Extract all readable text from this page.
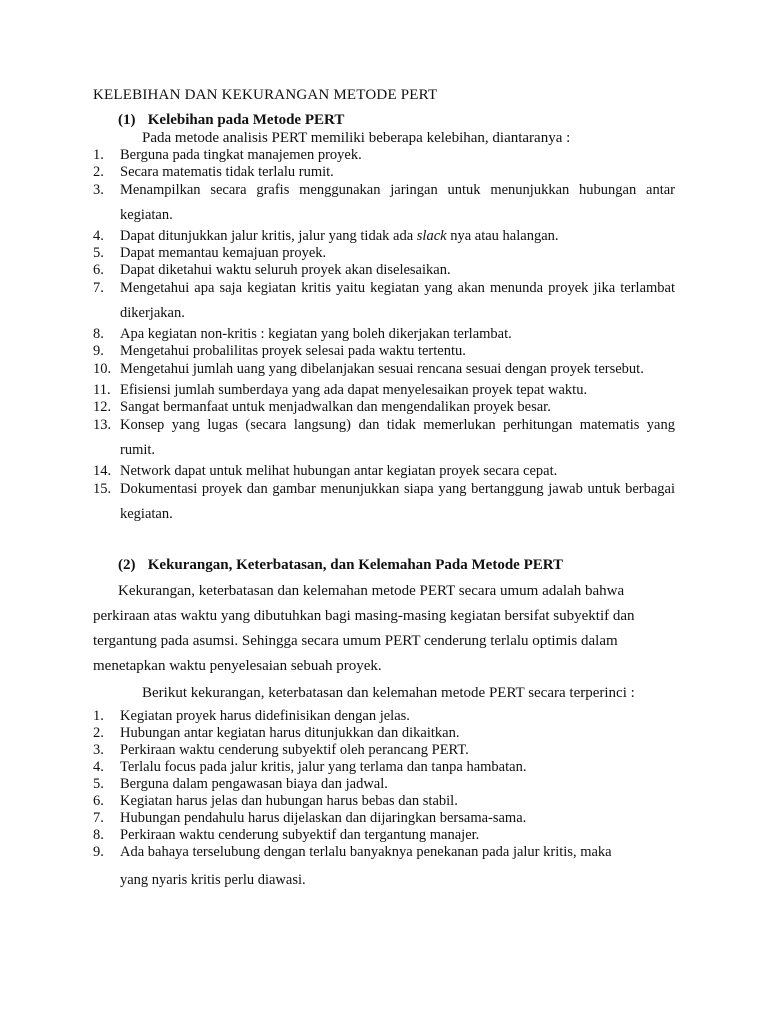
KELEBIHAN DAN KEKURANGAN METODE PERT
(1) Kelebihan pada Metode PERT
Pada metode analisis PERT memiliki beberapa kelebihan, diantaranya :
1. Berguna pada tingkat manajemen proyek.
2. Secara matematis tidak terlalu rumit.
3. Menampilkan secara grafis menggunakan jaringan untuk menunjukkan hubungan antar kegiatan.
4. Dapat ditunjukkan jalur kritis, jalur yang tidak ada slack nya atau halangan.
5. Dapat memantau kemajuan proyek.
6. Dapat diketahui waktu seluruh proyek akan diselesaikan.
7. Mengetahui apa saja kegiatan kritis yaitu kegiatan yang akan menunda proyek jika terlambat dikerjakan.
8. Apa kegiatan non-kritis : kegiatan yang boleh dikerjakan terlambat.
9. Mengetahui probalilitas proyek selesai pada waktu tertentu.
10. Mengetahui jumlah uang yang dibelanjakan sesuai rencana sesuai dengan proyek tersebut.
11. Efisiensi jumlah sumberdaya yang ada dapat menyelesaikan proyek tepat waktu.
12. Sangat bermanfaat untuk menjadwalkan dan mengendalikan proyek besar.
13. Konsep yang lugas (secara langsung) dan tidak memerlukan perhitungan matematis yang rumit.
14. Network dapat untuk melihat hubungan antar kegiatan proyek secara cepat.
15. Dokumentasi proyek dan gambar menunjukkan siapa yang bertanggung jawab untuk berbagai kegiatan.
(2) Kekurangan, Keterbatasan, dan Kelemahan Pada Metode PERT
Kekurangan, keterbatasan dan kelemahan metode PERT secara umum adalah bahwa
perkiraan atas waktu yang dibutuhkan bagi masing-masing kegiatan bersifat subyektif dan
tergantung pada asumsi. Sehingga secara umum PERT cenderung terlalu optimis dalam
menetapkan waktu penyelesaian sebuah proyek.
Berikut kekurangan, keterbatasan dan kelemahan metode PERT secara terperinci :
1. Kegiatan proyek harus didefinisikan dengan jelas.
2. Hubungan antar kegiatan harus ditunjukkan dan dikaitkan.
3. Perkiraan waktu cenderung subyektif oleh perancang PERT.
4. Terlalu focus pada jalur kritis, jalur yang terlama dan tanpa hambatan.
5. Berguna dalam pengawasan biaya dan jadwal.
6. Kegiatan harus jelas dan hubungan harus bebas dan stabil.
7. Hubungan pendahulu harus dijelaskan dan dijaringkan bersama-sama.
8. Perkiraan waktu cenderung subyektif dan tergantung manajer.
9. Ada bahaya terselubung dengan terlalu banyaknya penekanan pada jalur kritis, maka
yang nyaris kritis perlu diawasi.
